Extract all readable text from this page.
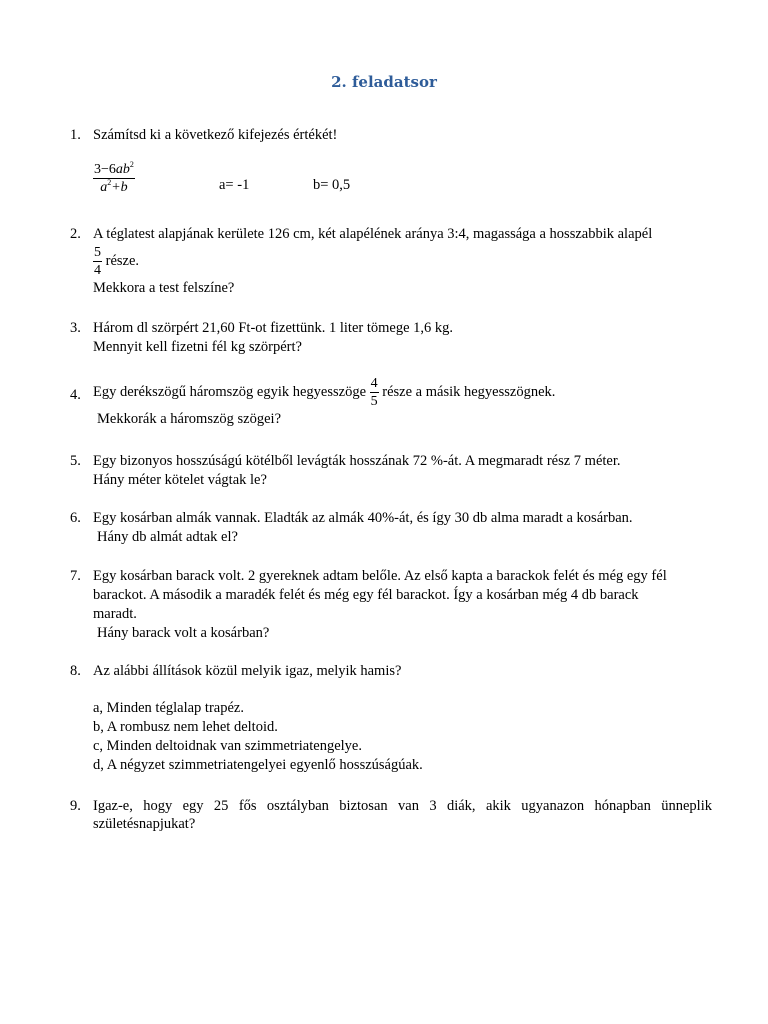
2. feladatsor
1. Számítsd ki a következő kifejezés értékét!
$\frac{3-6ab^2}{a^2+b}$	a= -1	b= 0,5
2. A téglatest alapjának kerülete 126 cm, két alapélének aránya 3:4, magassága a hosszabbik alapél
$\frac{5}{4}$ része.
Mekkora a test felszíne?
3. Három dl szörpért 21,60 Ft-ot fizettünk. 1 liter tömege 1,6 kg.
Mennyit kell fizetni fél kg szörpért?
4. Egy derékszögű háromszög egyik hegyesszöge $\frac{4}{5}$ része a másik hegyesszögnek.
Mekkorák a háromszög szögei?
5. Egy bizonyos hosszúságú kötélből levágták hosszának 72 %-át. A megmaradt rész 7 méter.
Hány méter kötelet vágtak le?
6. Egy kosárban almák vannak. Eladták az almák 40%-át, és így 30 db alma maradt a kosárban.
Hány db almát adtak el?
7. Egy kosárban barack volt. 2 gyereknek adtam belőle. Az első kapta a barackok felét és még egy fél
barackot. A második a maradék felét és még egy fél barackot. Így a kosárban még 4 db barack
maradt.
Hány barack volt a kosárban?
8. Az alábbi állítások közül melyik igaz, melyik hamis?
a, Minden téglalap trapéz.
b, A rombusz nem lehet deltoid.
c, Minden deltoidnak van szimmetriatengelye.
d, A négyzet szimmetriatengelyei egyenlő hosszúságúak.
9. Igaz-e, hogy egy 25 fős osztályban biztosan van 3 diák, akik ugyanazon hónapban ünneplik születésnapjukat?
